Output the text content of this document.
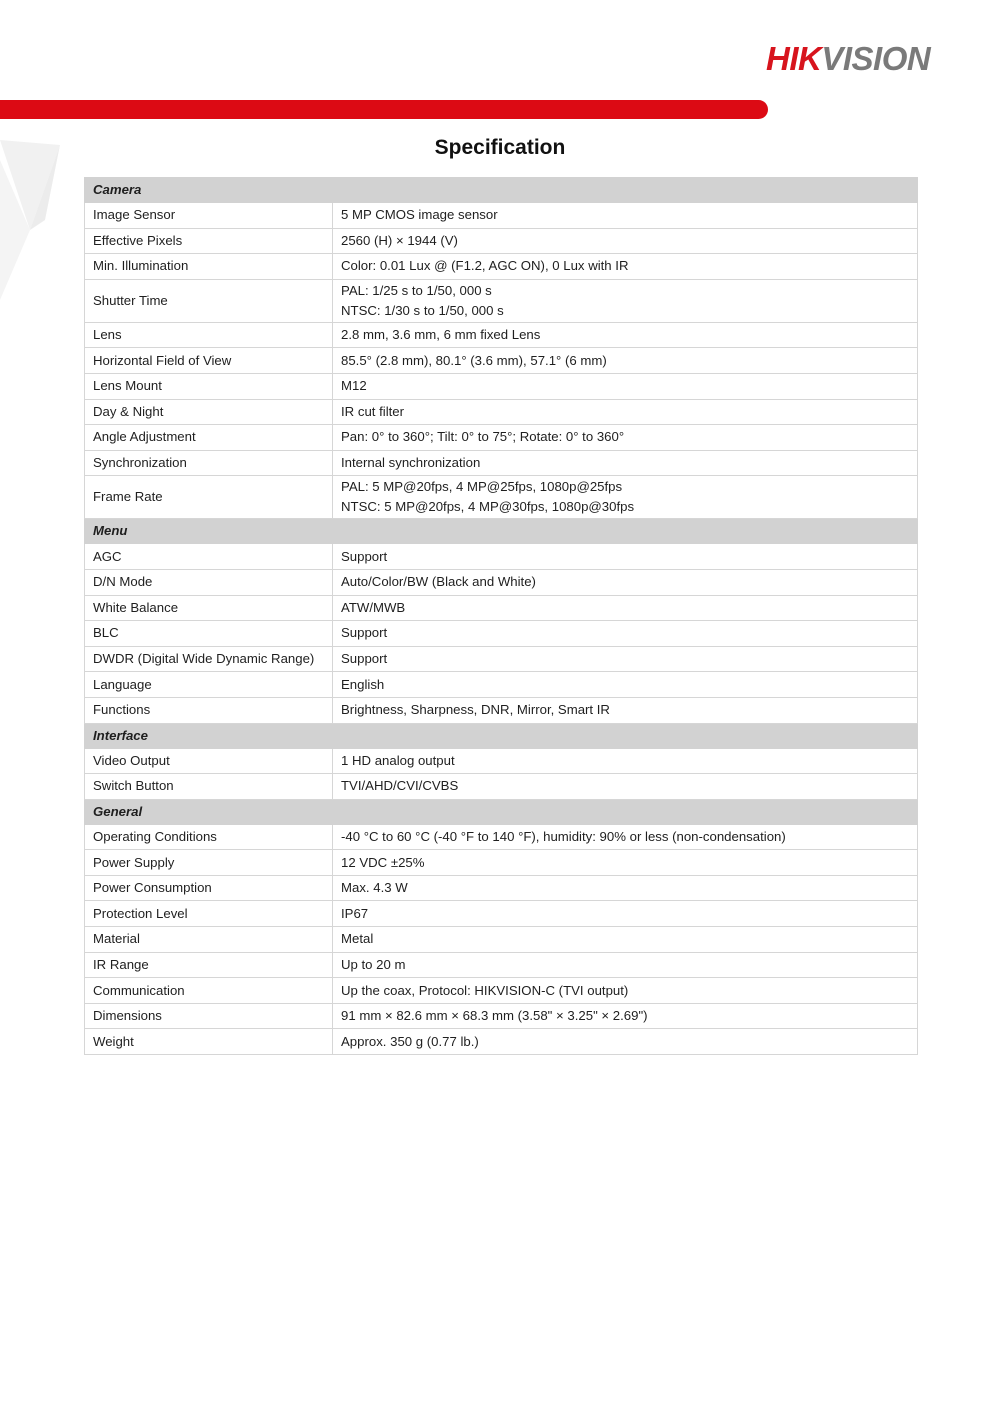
HIKVISION
Specification
Camera	
Image Sensor	5 MP CMOS image sensor

Effective Pixels	2560 (H) × 1944 (V)

Min. Illumination	Color: 0.01 Lux @ (F1.2, AGC ON), 0 Lux with IR

Shutter Time	PAL: 1/25 s to 1/50, 000 s
NTSC: 1/30 s to 1/50, 000 s

Lens	2.8 mm, 3.6 mm, 6 mm fixed Lens

Horizontal Field of View	85.5° (2.8 mm), 80.1° (3.6 mm), 57.1° (6 mm)

Lens Mount	M12

Day & Night	IR cut filter

Angle Adjustment	Pan: 0° to 360°; Tilt: 0° to 75°; Rotate: 0° to 360°

Synchronization	Internal synchronization

Frame Rate	PAL: 5 MP@20fps, 4 MP@25fps, 1080p@25fps
NTSC: 5 MP@20fps, 4 MP@30fps, 1080p@30fps

Menu	
AGC	Support

D/N Mode	Auto/Color/BW (Black and White)

White Balance	ATW/MWB

BLC	Support

DWDR (Digital Wide Dynamic Range)	Support

Language	English

Functions	Brightness, Sharpness, DNR, Mirror, Smart IR

Interface	
Video Output	1 HD analog output

Switch Button	TVI/AHD/CVI/CVBS

General	
Operating Conditions	-40 °C to 60 °C (-40 °F to 140 °F), humidity: 90% or less (non-condensation)

Power Supply	12 VDC ±25%

Power Consumption	Max. 4.3 W

Protection Level	IP67

Material	Metal

IR Range	Up to 20 m

Communication	Up the coax, Protocol: HIKVISION-C (TVI output)

Dimensions	91 mm × 82.6 mm × 68.3 mm (3.58" × 3.25" × 2.69")

Weight	Approx. 350 g (0.77 lb.)
